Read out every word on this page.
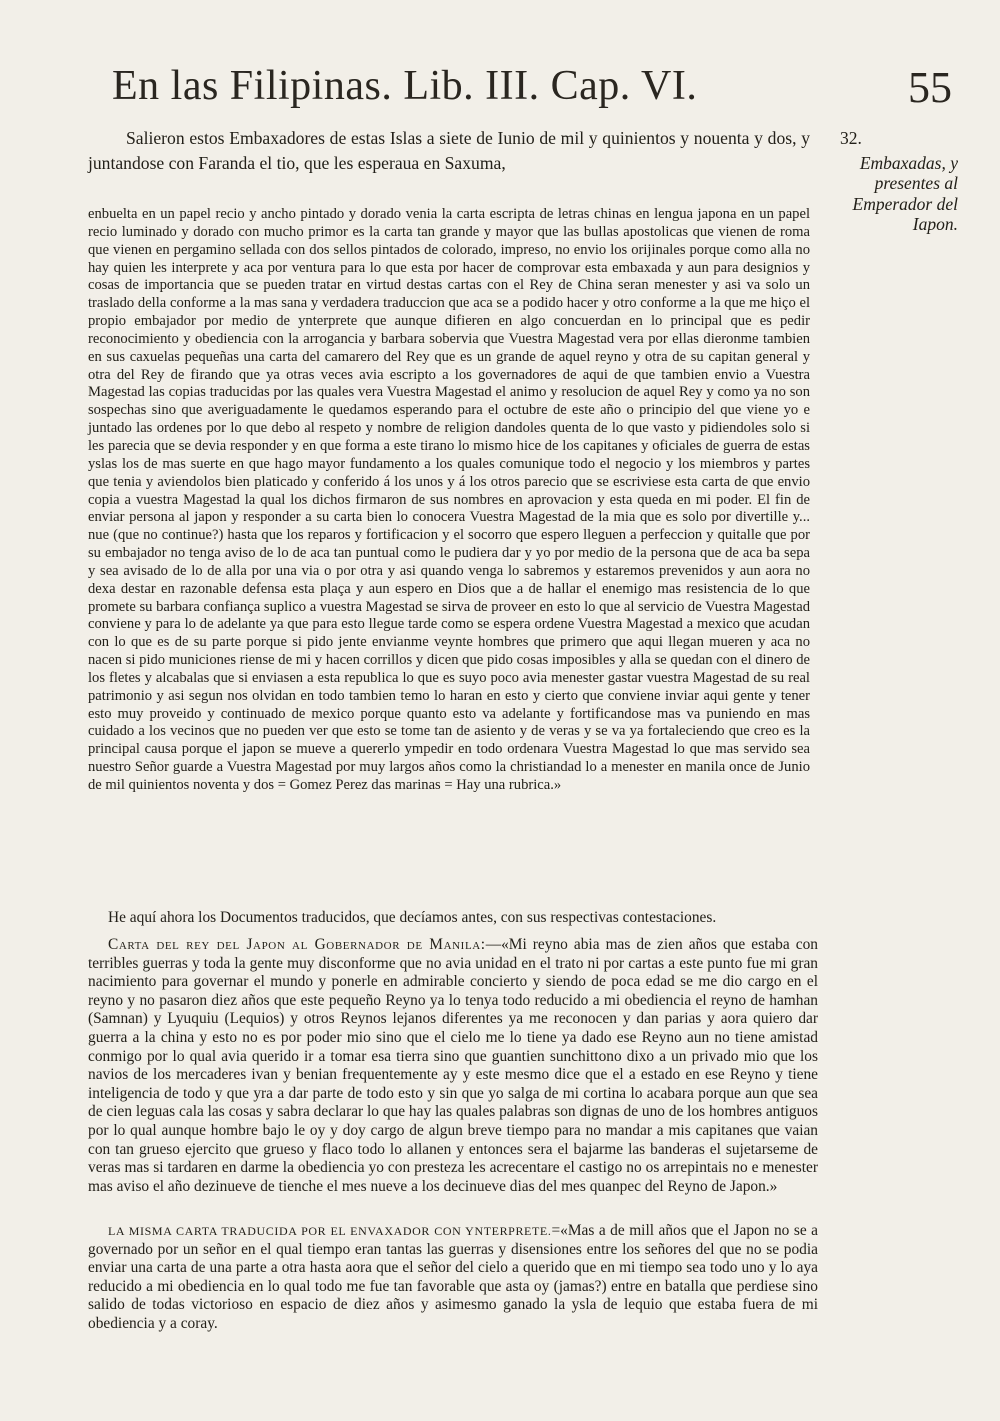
En las Filipinas. Lib. III. Cap. VI.	55
32.
Embaxadas, y presentes al Emperador del Iapon.
Salieron estos Embaxadores de estas Islas a siete de Iunio de mil y quinientos y nouenta y dos, y juntandose con Faranda el tio, que les esperaua en Saxuma,
enbuelta en un papel recio y ancho pintado y dorado venia la carta escripta de letras chinas en lengua japona en un papel recio luminado y dorado con mucho primor es la carta tan grande y mayor que las bullas apostolicas que vienen de roma que vienen en pergamino sellada con dos sellos pintados de colorado, impreso, no envio los orijinales porque como alla no hay quien les interprete y aca por ventura para lo que esta por hacer de comprovar esta embaxada y aun para designios y cosas de importancia que se pueden tratar en virtud destas cartas con el Rey de China seran menester y asi va solo un traslado della conforme a la mas sana y verdadera traduccion que aca se a podido hacer y otro conforme a la que me hiço el propio embajador por medio de ynterprete que aunque difieren en algo concuerdan en lo principal que es pedir reconocimiento y obediencia con la arrogancia y barbara sobervia que Vuestra Magestad vera por ellas dieronme tambien en sus caxuelas pequeñas una carta del camarero del Rey que es un grande de aquel reyno y otra de su capitan general y otra del Rey de firando que ya otras veces avia escripto a los governadores de aqui de que tambien envio a Vuestra Magestad las copias traducidas por las quales vera Vuestra Magestad el animo y resolucion de aquel Rey y como ya no son sospechas sino que averiguadamente le quedamos esperando para el octubre de este año o principio del que viene yo e juntado las ordenes por lo que debo al respeto y nombre de religion dandoles quenta de lo que vasto y pidiendoles solo si les parecia que se devia responder y en que forma a este tirano lo mismo hice de los capitanes y oficiales de guerra de estas yslas los de mas suerte en que hago mayor fundamento a los quales comunique todo el negocio y los miembros y partes que tenia y aviendolos bien platicado y conferido á los unos y á los otros parecio que se escriviese esta carta de que envio copia a vuestra Magestad la qual los dichos firmaron de sus nombres en aprovacion y esta queda en mi poder. El fin de enviar persona al japon y responder a su carta bien lo conocera Vuestra Magestad de la mia que es solo por divertille y... nue (que no continue?) hasta que los reparos y fortificacion y el socorro que espero lleguen a perfeccion y quitalle que por su embajador no tenga aviso de lo de aca tan puntual como le pudiera dar y yo por medio de la persona que de aca ba sepa y sea avisado de lo de alla por una via o por otra y asi quando venga lo sabremos y estaremos prevenidos y aun aora no dexa destar en razonable defensa esta plaça y aun espero en Dios que a de hallar el enemigo mas resistencia de lo que promete su barbara confiança suplico a vuestra Magestad se sirva de proveer en esto lo que al servicio de Vuestra Magestad conviene y para lo de adelante ya que para esto llegue tarde como se espera ordene Vuestra Magestad a mexico que acudan con lo que es de su parte porque si pido jente envianme veynte hombres que primero que aqui llegan mueren y aca no nacen si pido municiones riense de mi y hacen corrillos y dicen que pido cosas imposibles y alla se quedan con el dinero de los fletes y alcabalas que si enviasen a esta republica lo que es suyo poco avia menester gastar vuestra Magestad de su real patrimonio y asi segun nos olvidan en todo tambien temo lo haran en esto y cierto que conviene inviar aqui gente y tener esto muy proveido y continuado de mexico porque quanto esto va adelante y fortificandose mas va puniendo en mas cuidado a los vecinos que no pueden ver que esto se tome tan de asiento y de veras y se va ya fortaleciendo que creo es la principal causa porque el japon se mueve a quererlo ympedir en todo ordenara Vuestra Magestad lo que mas servido sea nuestro Señor guarde a Vuestra Magestad por muy largos años como la christiandad lo a menester en manila once de Junio de mil quinientos noventa y dos = Gomez Perez das marinas = Hay una rubrica.»
He aquí ahora los Documentos traducidos, que decíamos antes, con sus respectivas contestaciones.
Carta del rey del Japon al Gobernador de Manila:—«Mi reyno abia mas de zien años que estaba con terribles guerras y toda la gente muy disconforme que no avia unidad en el trato ni por cartas a este punto fue mi gran nacimiento para governar el mundo y ponerle en admirable concierto y siendo de poca edad se me dio cargo en el reyno y no pasaron diez años que este pequeño Reyno ya lo tenya todo reducido a mi obediencia el reyno de hamhan (Samnan) y Lyuquiu (Lequios) y otros Reynos lejanos diferentes ya me reconocen y dan parias y aora quiero dar guerra a la china y esto no es por poder mio sino que el cielo me lo tiene ya dado ese Reyno aun no tiene amistad conmigo por lo qual avia querido ir a tomar esa tierra sino que guantien sunchittono dixo a un privado mio que los navios de los mercaderes ivan y benian frequentemente ay y este mesmo dice que el a estado en ese Reyno y tiene inteligencia de todo y que yra a dar parte de todo esto y sin que yo salga de mi cortina lo acabara porque aun que sea de cien leguas cala las cosas y sabra declarar lo que hay las quales palabras son dignas de uno de los hombres antiguos por lo qual aunque hombre bajo le oy y doy cargo de algun breve tiempo para no mandar a mis capitanes que vaian con tan grueso ejercito que grueso y flaco todo lo allanen y entonces sera el bajarme las banderas el sujetarseme de veras mas si tardaren en darme la obediencia yo con presteza les acrecentare el castigo no os arrepintais no e menester mas aviso el año dezinueve de tienche el mes nueve a los decinueve dias del mes quanpec del Reyno de Japon.»
LA MISMA CARTA TRADUCIDA POR EL ENVAXADOR CON YNTERPRETE.=«Mas a de mill años que el Japon no se a governado por un señor en el qual tiempo eran tantas las guerras y disensiones entre los señores del que no se podia enviar una carta de una parte a otra hasta aora que el señor del cielo a querido que en mi tiempo sea todo uno y lo aya reducido a mi obediencia en lo qual todo me fue tan favorable que asta oy (jamas?) entre en batalla que perdiese sino salido de todas victorioso en espacio de diez años y asimesmo ganado la ysla de lequio que estaba fuera de mi obediencia y a coray.
